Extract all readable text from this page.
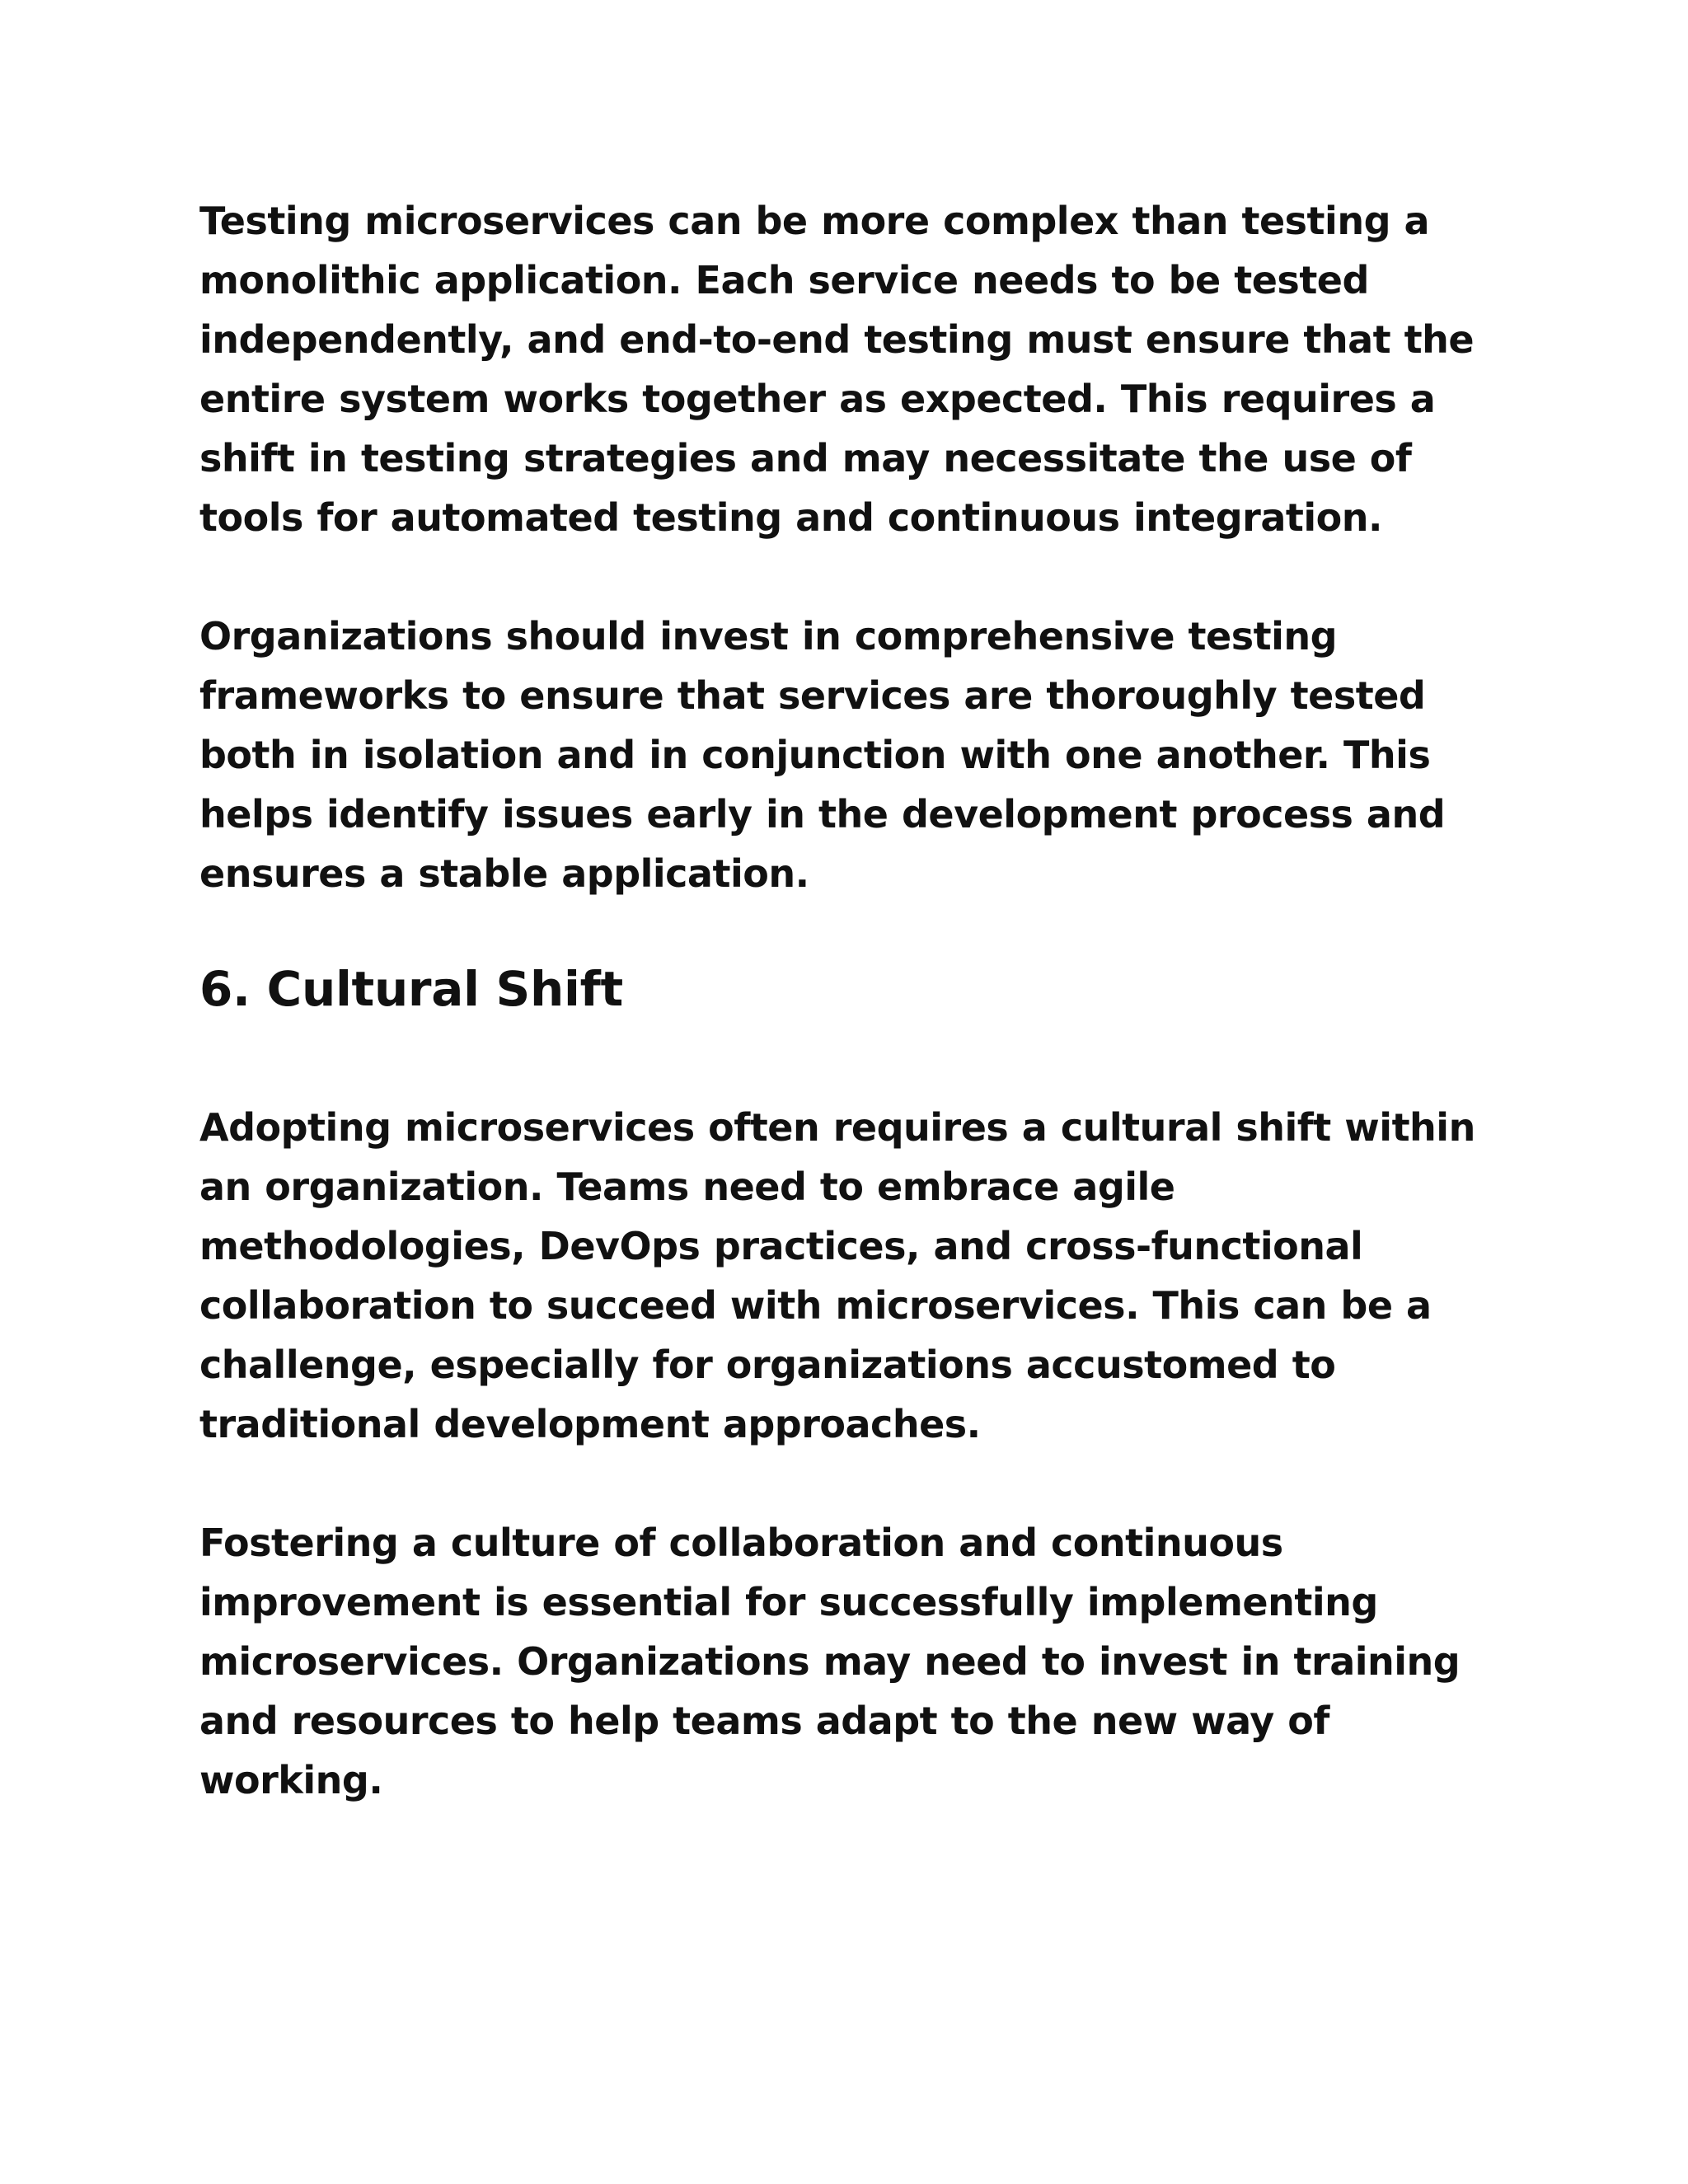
Testing microservices can be more complex than testing a
monolithic application. Each service needs to be tested
independently, and end-to-end testing must ensure that the
entire system works together as expected. This requires a
shift in testing strategies and may necessitate the use of
tools for automated testing and continuous integration.

Organizations should invest in comprehensive testing
frameworks to ensure that services are thoroughly tested
both in isolation and in conjunction with one another. This
helps identify issues early in the development process and
ensures a stable application.

6. Cultural Shift

Adopting microservices often requires a cultural shift within
an organization. Teams need to embrace agile
methodologies, DevOps practices, and cross-functional
collaboration to succeed with microservices. This can be a
challenge, especially for organizations accustomed to
traditional development approaches.

Fostering a culture of collaboration and continuous
improvement is essential for successfully implementing
microservices. Organizations may need to invest in training
and resources to help teams adapt to the new way of
working.
